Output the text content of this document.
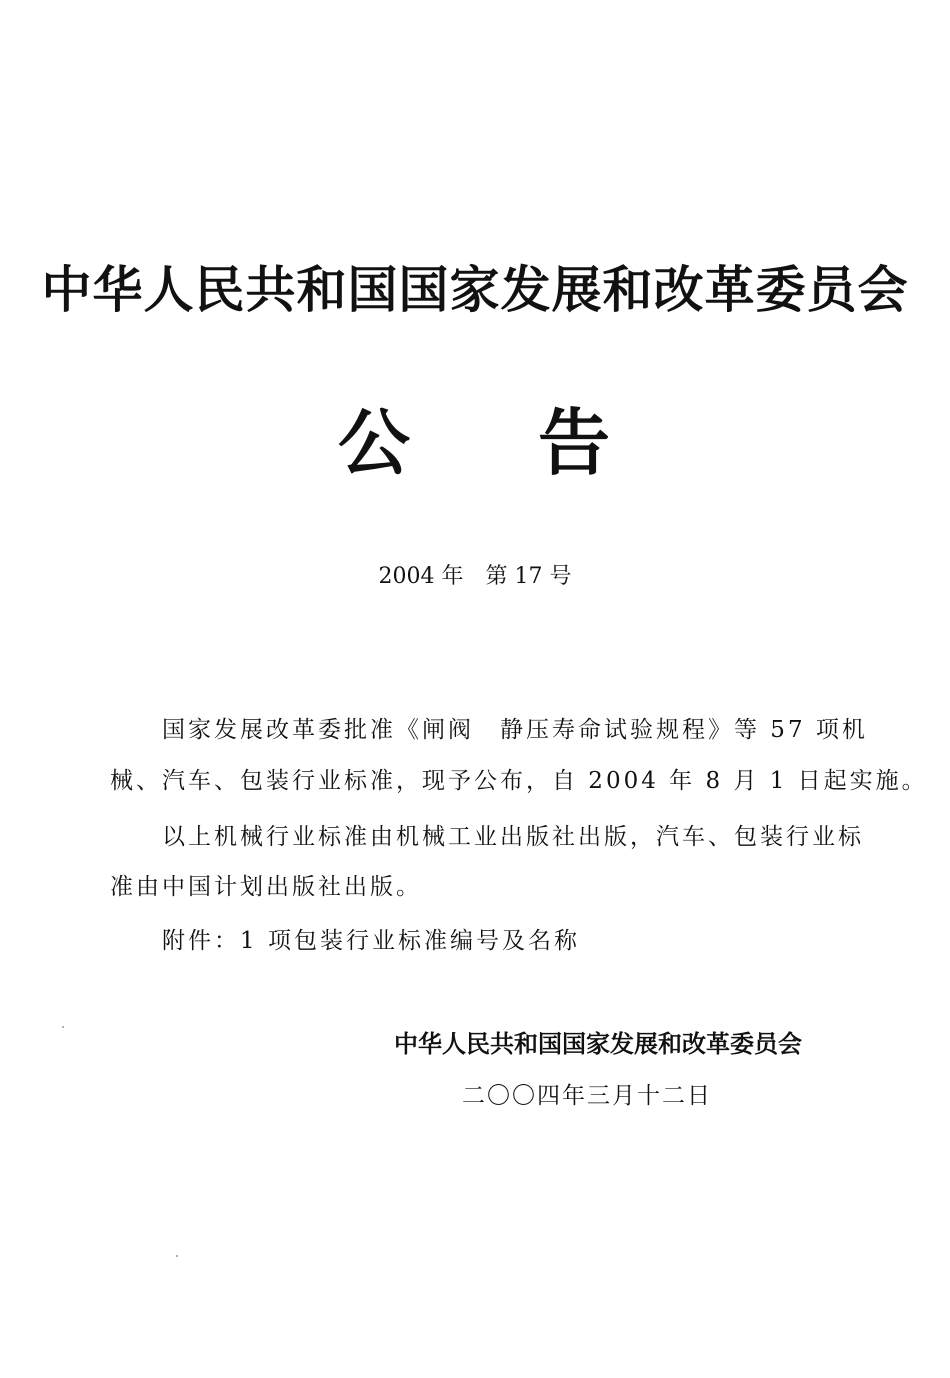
中华人民共和国国家发展和改革委员会
公 告
2004 年　第 17 号
　　国家发展改革委批准《闸阀　静压寿命试验规程》等 57 项机
械、汽车、包装行业标准，现予公布，自 2004 年 8 月 1 日起实施。
　　以上机械行业标准由机械工业出版社出版，汽车、包装行业标
准由中国计划出版社出版。
　　附件：1 项包装行业标准编号及名称
中华人民共和国国家发展和改革委员会
二〇〇四年三月十二日
